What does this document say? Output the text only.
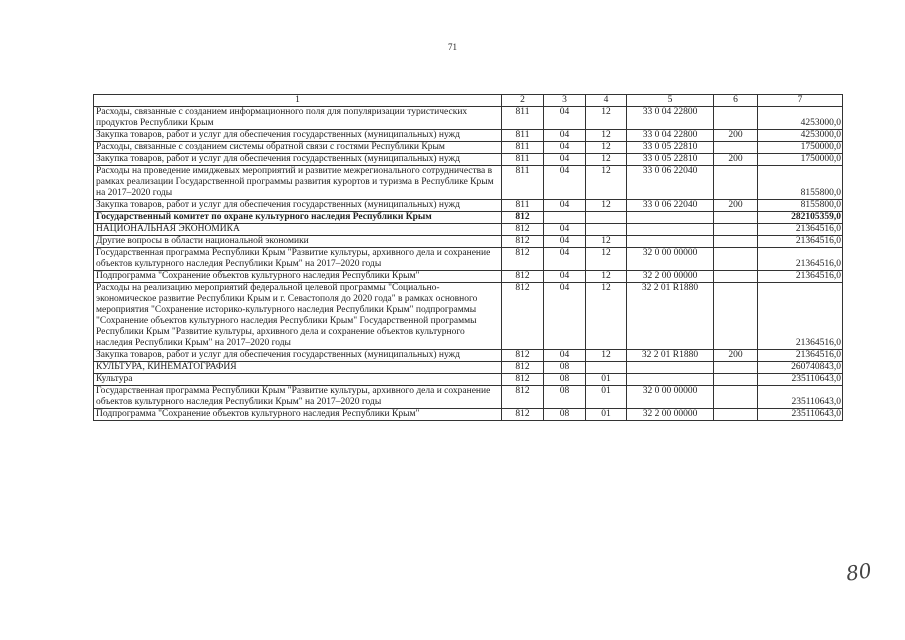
71
1	2	3	4	5	6	7
Расходы, связанные с созданием информационного поля для популяризации туристических продуктов Республики Крым	811	04	12	33 0 04 22800		4253000,0
Закупка товаров, работ и услуг для обеспечения государственных (муниципальных) нужд	811	04	12	33 0 04 22800	200	4253000,0
Расходы, связанные с созданием системы обратной связи с гостями Республики Крым	811	04	12	33 0 05 22810		1750000,0
Закупка товаров, работ и услуг для обеспечения государственных (муниципальных) нужд	811	04	12	33 0 05 22810	200	1750000,0
Расходы на проведение имиджевых мероприятий и развитие межрегионального сотрудничества в рамках реализации Государственной программы развития курортов и туризма в Республике Крым на 2017–2020 годы	811	04	12	33 0 06 22040		8155800,0
Закупка товаров, работ и услуг для обеспечения государственных (муниципальных) нужд	811	04	12	33 0 06 22040	200	8155800,0
Государственный комитет по охране культурного наследия Республики Крым	812					282105359,0
НАЦИОНАЛЬНАЯ ЭКОНОМИКА	812	04				21364516,0
Другие вопросы в области национальной экономики	812	04	12			21364516,0
Государственная программа Республики Крым "Развитие культуры, архивного дела и сохранение объектов культурного наследия Республики Крым" на 2017–2020 годы	812	04	12	32 0 00 00000		21364516,0
Подпрограмма "Сохранение объектов культурного наследия Республики Крым"	812	04	12	32 2 00 00000		21364516,0
Расходы на реализацию мероприятий федеральной целевой программы "Социально-экономическое развитие Республики Крым и г. Севастополя до 2020 года" в рамках основного мероприятия "Сохранение историко-культурного наследия Республики Крым" подпрограммы "Сохранение объектов культурного наследия Республики Крым" Государственной программы Республики Крым "Развитие культуры, архивного дела и сохранение объектов культурного наследия Республики Крым" на 2017–2020 годы	812	04	12	32 2 01 R1880		21364516,0
Закупка товаров, работ и услуг для обеспечения государственных (муниципальных) нужд	812	04	12	32 2 01 R1880	200	21364516,0
КУЛЬТУРА, КИНЕМАТОГРАФИЯ	812	08				260740843,0
Культура	812	08	01			235110643,0
Государственная программа Республики Крым "Развитие культуры, архивного дела и сохранение объектов культурного наследия Республики Крым" на 2017–2020 годы	812	08	01	32 0 00 00000		235110643,0
Подпрограмма "Сохранение объектов культурного наследия Республики Крым"	812	08	01	32 2 00 00000		235110643,0
80
